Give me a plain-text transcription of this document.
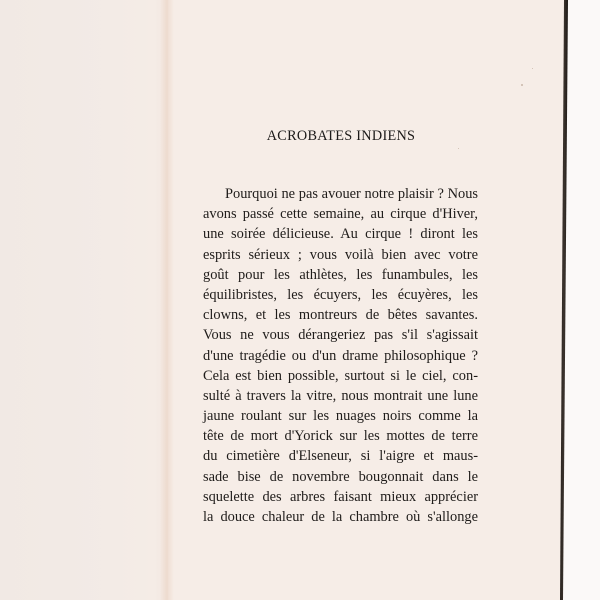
ACROBATES INDIENS
Pourquoi ne pas avouer notre plaisir ? Nous
avons passé cette semaine, au cirque d'Hiver,
une soirée délicieuse. Au cirque ! diront les
esprits sérieux ; vous voilà bien avec votre
goût pour les athlètes, les funambules, les
équilibristes, les écuyers, les écuyères, les
clowns, et les montreurs de bêtes savantes.
Vous ne vous dérangeriez pas s'il s'agissait
d'une tragédie ou d'un drame philosophique ?
Cela est bien possible, surtout si le ciel, con-
sulté à travers la vitre, nous montrait une lune
jaune roulant sur les nuages noirs comme la
tête de mort d'Yorick sur les mottes de terre
du cimetière d'Elseneur, si l'aigre et maus-
sade bise de novembre bougonnait dans le
squelette des arbres faisant mieux apprécier
la douce chaleur de la chambre où s'allonge
